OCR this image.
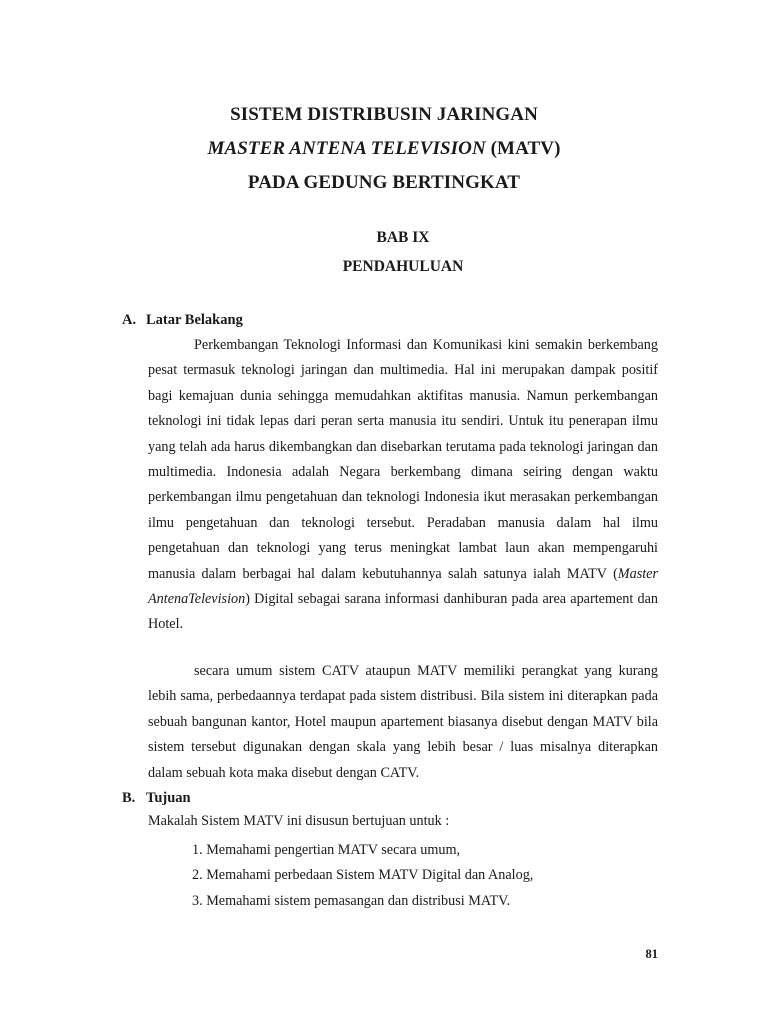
SISTEM DISTRIBUSIN JARINGAN
MASTER ANTENA TELEVISION (MATV)
PADA GEDUNG BERTINGKAT
BAB IX
PENDAHULUAN
A. Latar Belakang
Perkembangan Teknologi Informasi dan Komunikasi kini semakin berkembang pesat termasuk teknologi jaringan dan multimedia. Hal ini merupakan dampak positif bagi kemajuan dunia sehingga memudahkan aktifitas manusia. Namun perkembangan teknologi ini tidak lepas dari peran serta manusia itu sendiri. Untuk itu penerapan ilmu yang telah ada harus dikembangkan dan disebarkan terutama pada teknologi jaringan dan multimedia. Indonesia adalah Negara berkembang dimana seiring dengan waktu perkembangan ilmu pengetahuan dan teknologi Indonesia ikut merasakan perkembangan ilmu pengetahuan dan teknologi tersebut. Peradaban manusia dalam hal ilmu pengetahuan dan teknologi yang terus meningkat lambat laun akan mempengaruhi manusia dalam berbagai hal dalam kebutuhannya salah satunya ialah MATV (Master AntenaTelevision) Digital sebagai sarana informasi danhiburan pada area apartement dan Hotel.
secara umum sistem CATV ataupun MATV memiliki perangkat yang kurang lebih sama, perbedaannya terdapat pada sistem distribusi. Bila sistem ini diterapkan pada sebuah bangunan kantor, Hotel maupun apartement biasanya disebut dengan MATV bila sistem tersebut digunakan dengan skala yang lebih besar / luas misalnya diterapkan dalam sebuah kota maka disebut dengan CATV.
B. Tujuan
Makalah Sistem MATV ini disusun bertujuan untuk :
1. Memahami pengertian MATV secara umum,
2. Memahami perbedaan Sistem MATV Digital dan Analog,
3. Memahami sistem pemasangan dan distribusi MATV.
81
